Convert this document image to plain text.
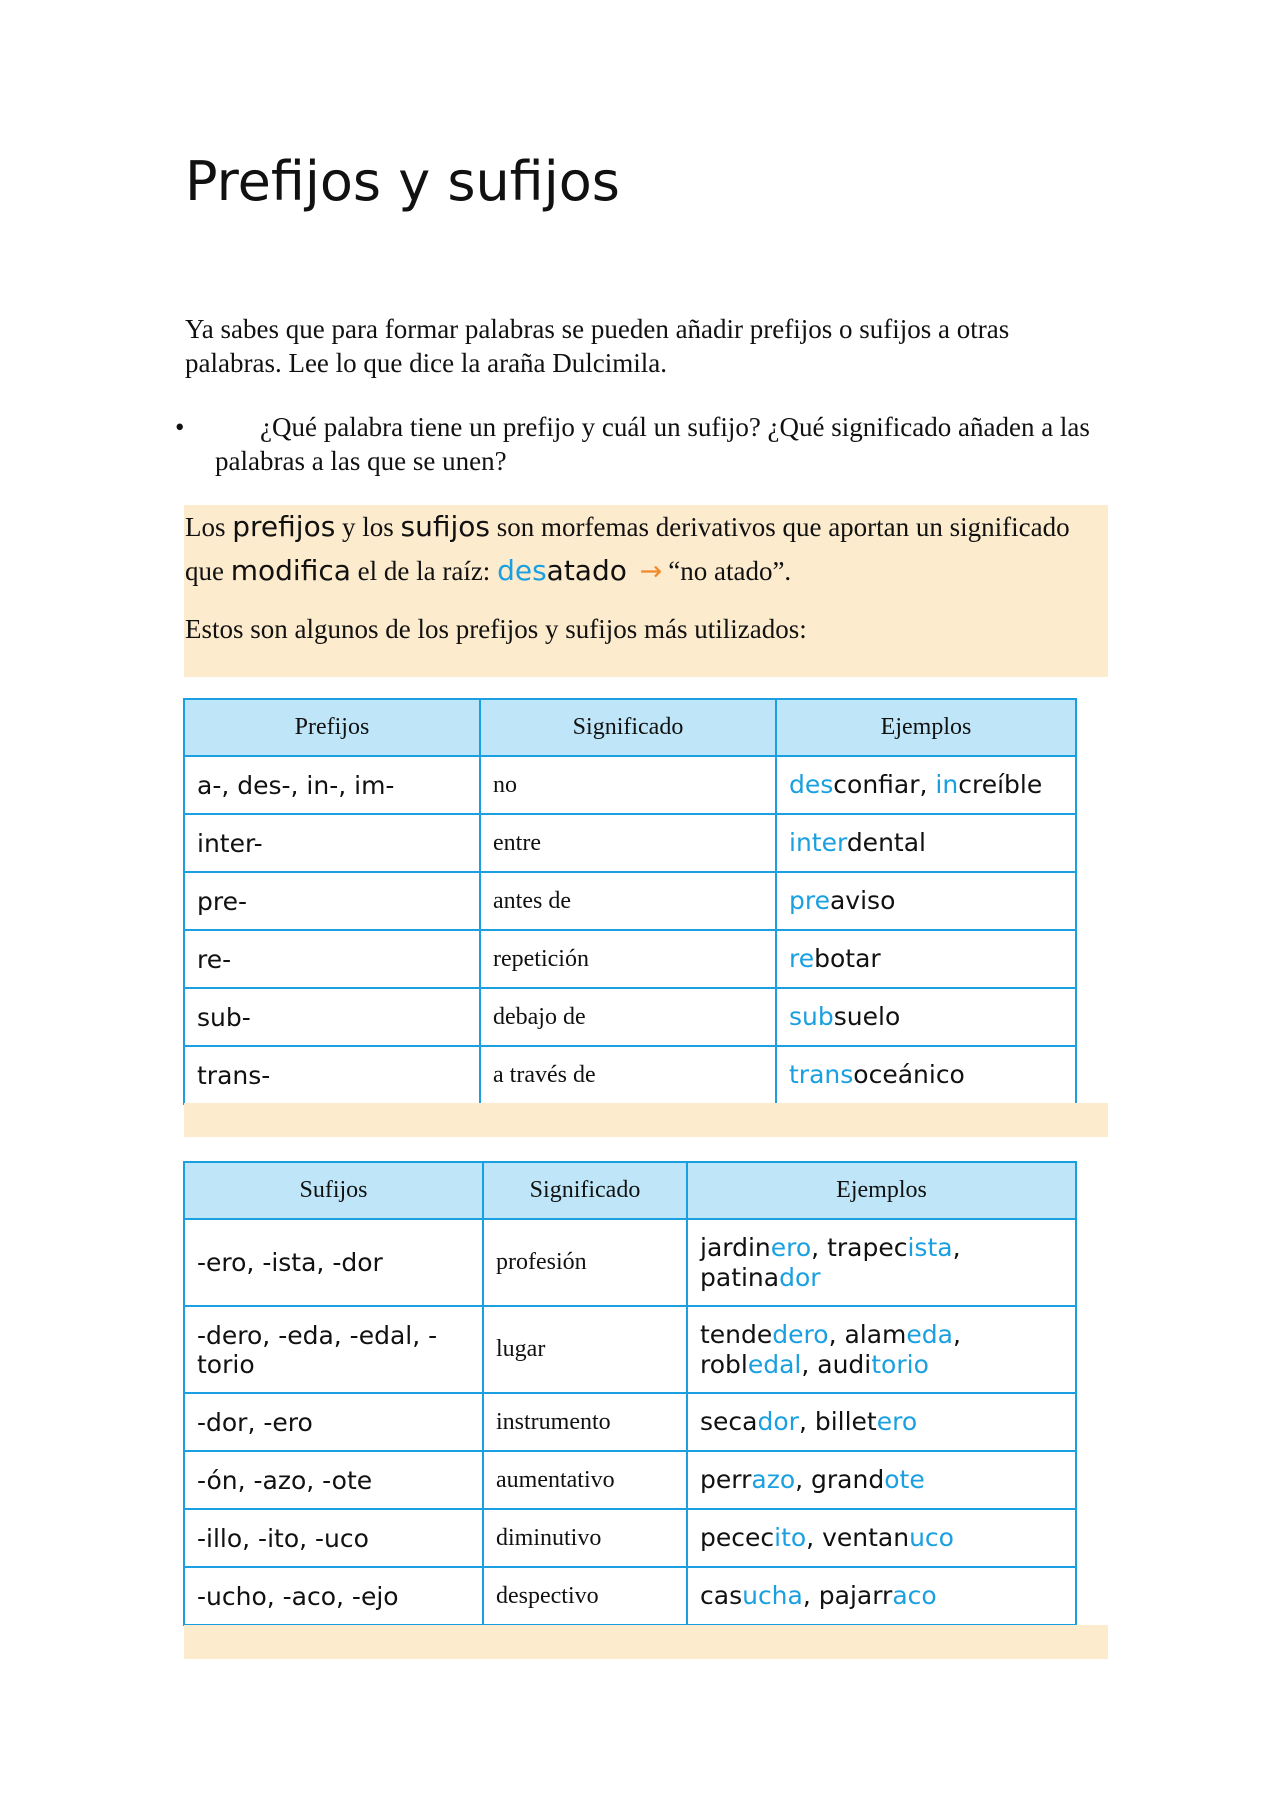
Prefijos y sufijos

Ya sabes que para formar palabras se pueden añadir prefijos o sufijos a otras palabras. Lee lo que dice la araña Dulcimila.

•	¿Qué palabra tiene un prefijo y cuál un sufijo? ¿Qué significado añaden a las palabras a las que se unen?

Los prefijos y los sufijos son morfemas derivativos que aportan un significado que modifica el de la raíz: desatado → “no atado”.

Estos son algunos de los prefijos y sufijos más utilizados:

Prefijos	Significado	Ejemplos
a-, des-, in-, im-	no	desconfiar, increíble
inter-	entre	interdental
pre-	antes de	preaviso
re-	repetición	rebotar
sub-	debajo de	subsuelo
trans-	a través de	transoceánico
Sufijos	Significado	Ejemplos
-ero, -ista, -dor	profesión	jardinero, trapecista, patinador
-dero, -eda, -edal, -torio	lugar	tendedero, alameda, robledal, auditorio
-dor, -ero	instrumento	secador, billetero
-ón, -azo, -ote	aumentativo	perrazo, grandote
-illo, -ito, -uco	diminutivo	pececito, ventanuco
-ucho, -aco, -ejo	despectivo	casucha, pajarraco
